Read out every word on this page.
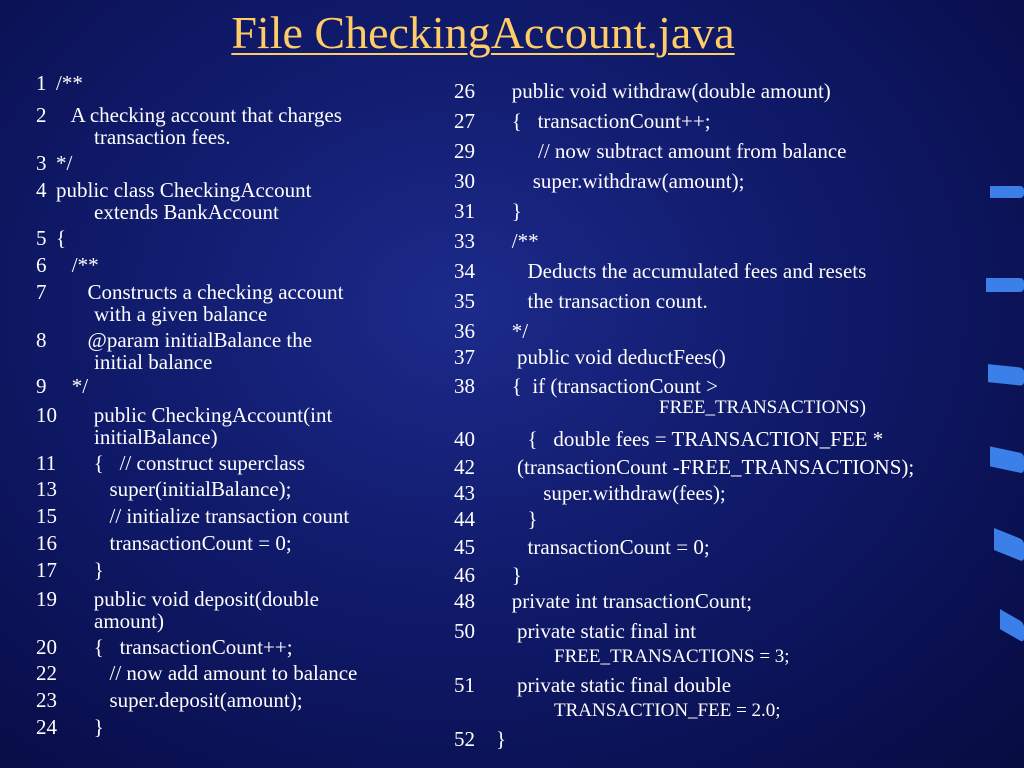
File CheckingAccount.java
1 /**
2   A checking account that charges
transaction fees.
3 */
4 public class CheckingAccount
extends BankAccount
5 {
6   /**
7      Constructs a checking account
with a given balance
8      @param initialBalance the
initial balance
9   */
10   public CheckingAccount(int
initialBalance)
11   {   // construct superclass
13      super(initialBalance);
15      // initialize transaction count
16      transactionCount = 0;
17   }
19   public void deposit(double
amount)
20   {   transactionCount++;
22      // now add amount to balance
23      super.deposit(amount);
24   }
26   public void withdraw(double amount)
27   {   transactionCount++;
29        // now subtract amount from balance
30       super.withdraw(amount);
31   }
33   /**
34      Deducts the accumulated fees and resets
35      the transaction count.
36   */
37    public void deductFees()
38   {  if (transactionCount >
FREE_TRANSACTIONS)
40      {   double fees = TRANSACTION_FEE *
42    (transactionCount -FREE_TRANSACTIONS);
43         super.withdraw(fees);
44      }
45      transactionCount = 0;
46   }
48   private int transactionCount;
50    private static final int
FREE_TRANSACTIONS = 3;
51    private static final double
TRANSACTION_FEE = 2.0;
52 }
